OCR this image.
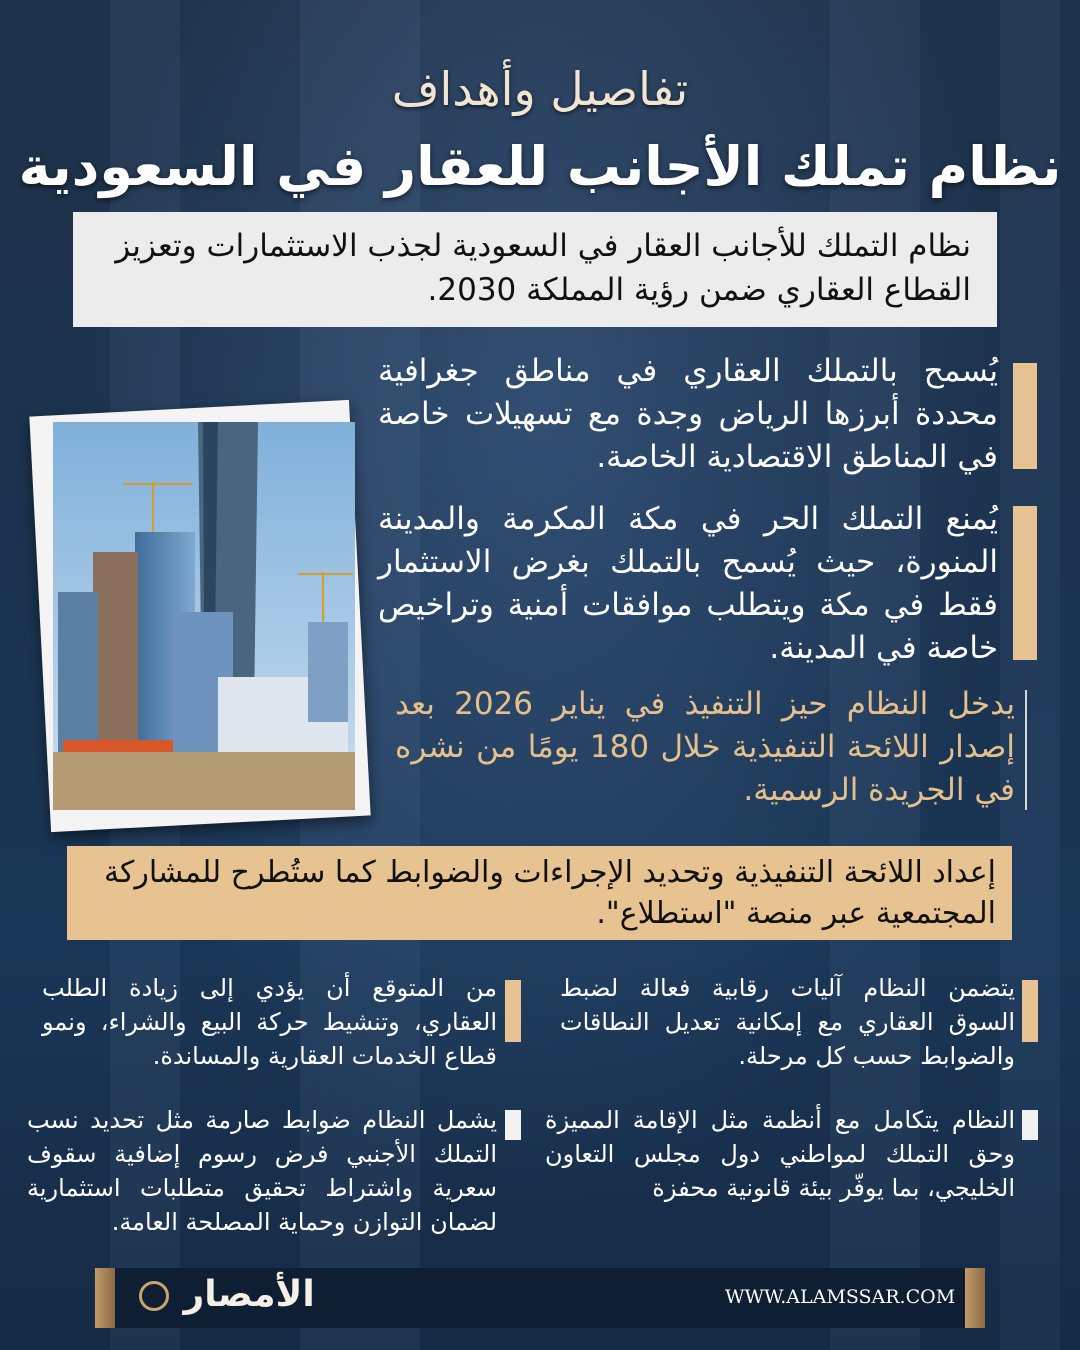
تفاصيل وأهداف
نظام تملك الأجانب للعقار في السعودية
نظام التملك للأجانب العقار في السعودية لجذب الاستثمارات وتعزيز القطاع العقاري ضمن رؤية المملكة 2030.
يُسمح بالتملك العقاري في مناطق جغرافية محددة أبرزها الرياض وجدة مع تسهيلات خاصة في المناطق الاقتصادية الخاصة.
يُمنع التملك الحر في مكة المكرمة والمدينة المنورة، حيث يُسمح بالتملك بغرض الاستثمار فقط في مكة ويتطلب موافقات أمنية وتراخيص خاصة في المدينة.
يدخل النظام حيز التنفيذ في يناير 2026 بعد إصدار اللائحة التنفيذية خلال 180 يومًا من نشره في الجريدة الرسمية.
إعداد اللائحة التنفيذية وتحديد الإجراءات والضوابط كما ستُطرح للمشاركة المجتمعية عبر منصة "استطلاع".
يتضمن النظام آليات رقابية فعالة لضبط السوق العقاري مع إمكانية تعديل النطاقات والضوابط حسب كل مرحلة.
من المتوقع أن يؤدي إلى زيادة الطلب العقاري، وتنشيط حركة البيع والشراء، ونمو قطاع الخدمات العقارية والمساندة.
النظام يتكامل مع أنظمة مثل الإقامة المميزة وحق التملك لمواطني دول مجلس التعاون الخليجي، بما يوفّر بيئة قانونية محفزة
يشمل النظام ضوابط صارمة مثل تحديد نسب التملك الأجنبي فرض رسوم إضافية سقوف سعرية واشتراط تحقيق متطلبات استثمارية لضمان التوازن وحماية المصلحة العامة.
الأمصار	WWW.ALAMSSAR.COM
